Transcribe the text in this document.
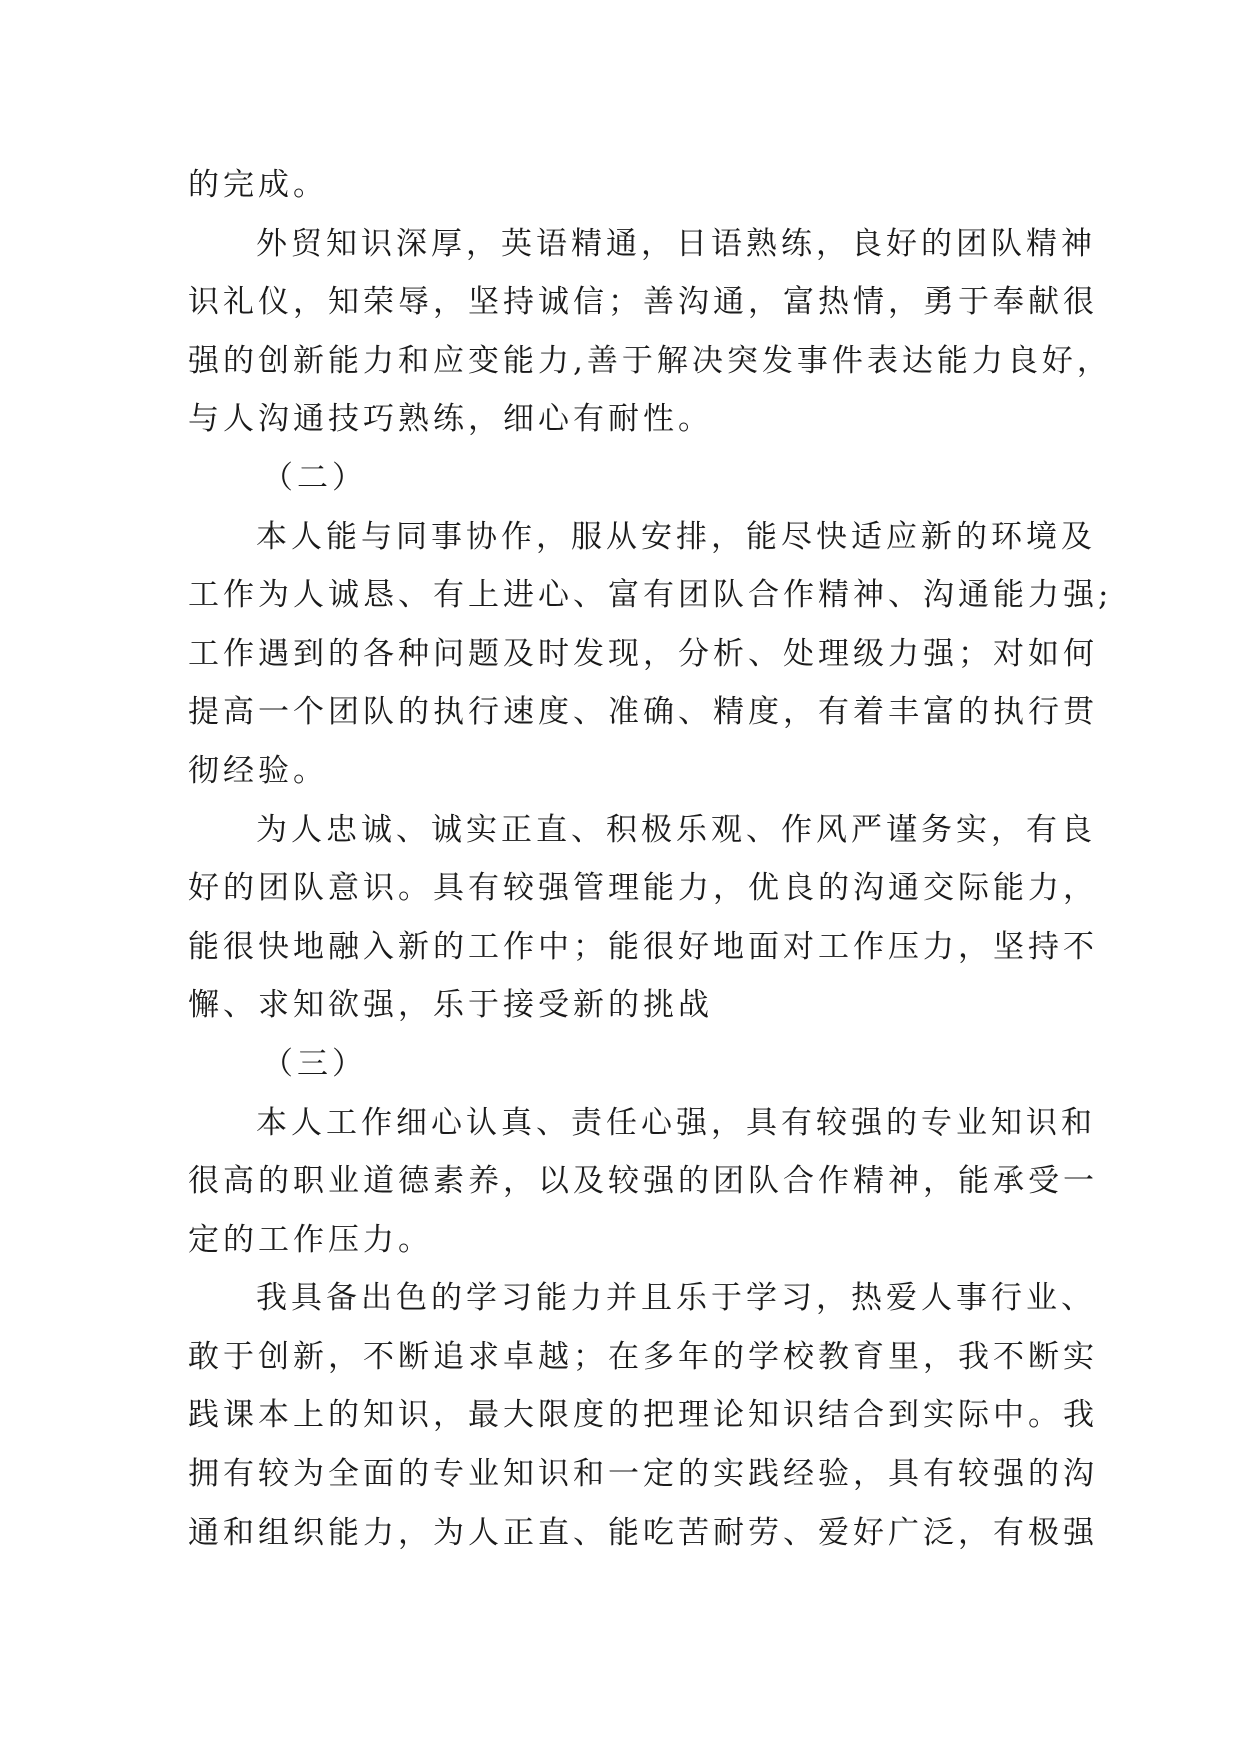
的完成。
外贸知识深厚，英语精通，日语熟练，良好的团队精神
识礼仪，知荣辱，坚持诚信；善沟通，富热情，勇于奉献很
强的创新能力和应变能力,善于解决突发事件表达能力良好，
与人沟通技巧熟练，细心有耐性。
（二）
本人能与同事协作，服从安排，能尽快适应新的环境及
工作为人诚恳、有上进心、富有团队合作精神、沟通能力强;
工作遇到的各种问题及时发现，分析、处理级力强；对如何
提高一个团队的执行速度、准确、精度，有着丰富的执行贯
彻经验。
为人忠诚、诚实正直、积极乐观、作风严谨务实，有良
好的团队意识。具有较强管理能力，优良的沟通交际能力，
能很快地融入新的工作中；能很好地面对工作压力，坚持不
懈、求知欲强，乐于接受新的挑战
（三）
本人工作细心认真、责任心强，具有较强的专业知识和
很高的职业道德素养，以及较强的团队合作精神，能承受一
定的工作压力。
我具备出色的学习能力并且乐于学习，热爱人事行业、
敢于创新，不断追求卓越；在多年的学校教育里，我不断实
践课本上的知识，最大限度的把理论知识结合到实际中。我
拥有较为全面的专业知识和一定的实践经验，具有较强的沟
通和组织能力，为人正直、能吃苦耐劳、爱好广泛，有极强
